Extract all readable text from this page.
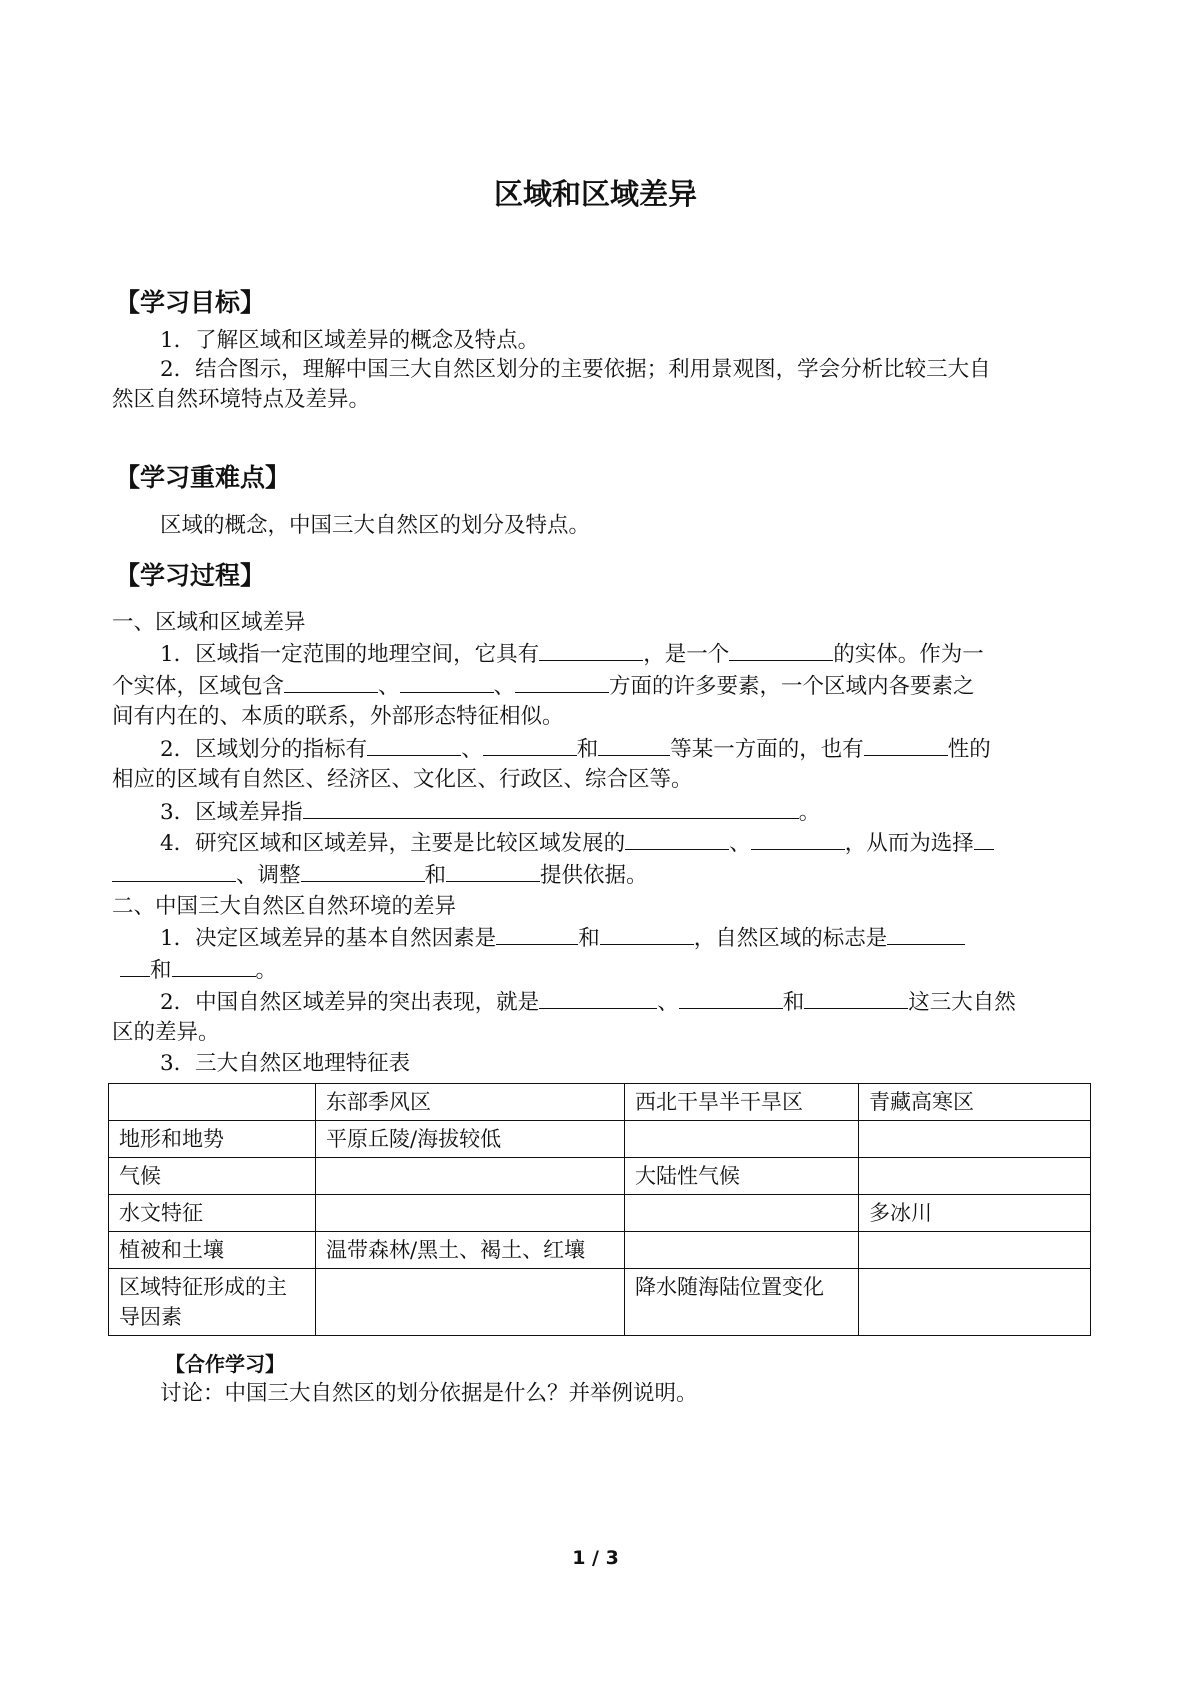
区域和区域差异
【学习目标】
1．了解区域和区域差异的概念及特点。
2．结合图示，理解中国三大自然区划分的主要依据；利用景观图，学会分析比较三大自
然区自然环境特点及差异。
【学习重难点】
区域的概念，中国三大自然区的划分及特点。
【学习过程】
一、区域和区域差异
1．区域指一定范围的地理空间，它具有	，是一个	的实体。作为一
个实体，区域包含	、	、	方面的许多要素，一个区域内各要素之
间有内在的、本质的联系，外部形态特征相似。
2．区域划分的指标有	、	和	等某一方面的，也有	性的
相应的区域有自然区、经济区、文化区、行政区、综合区等。
3．区域差异指	。
4．研究区域和区域差异，主要是比较区域发展的	、	，从而为选择
、调整	和	提供依据。
二、中国三大自然区自然环境的差异
1．决定区域差异的基本自然因素是	和	，自然区域的标志是
和	。
2．中国自然区域差异的突出表现，就是	、	和	这三大自然
区的差异。
3．三大自然区地理特征表
	东部季风区	西北干旱半干旱区	青藏高寒区
地形和地势	平原丘陵/海拔较低		
气候		大陆性气候	
水文特征			多冰川
植被和土壤	温带森林/黑土、褐土、红壤		
区域特征形成的主导因素		降水随海陆位置变化	
【合作学习】
讨论：中国三大自然区的划分依据是什么？并举例说明。
1 / 3
